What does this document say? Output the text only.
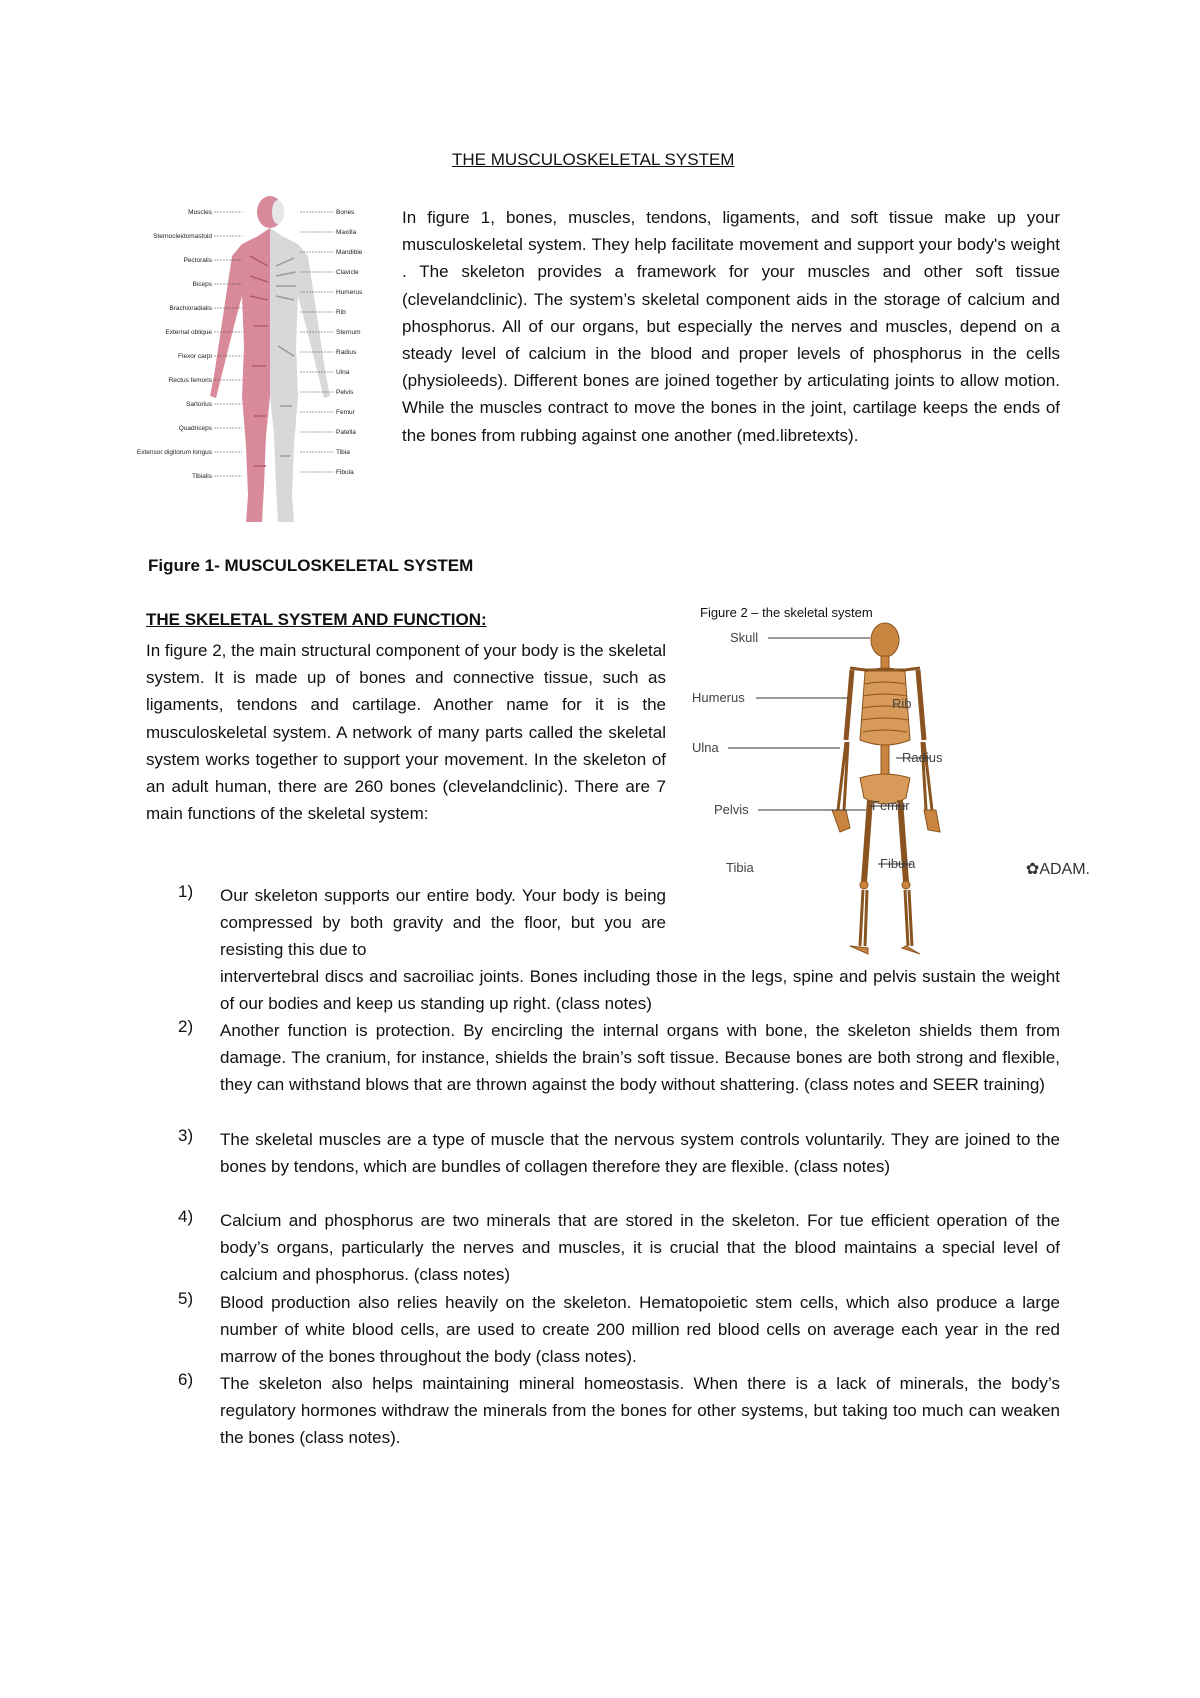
THE MUSCULOSKELETAL SYSTEM
Muscles
Sternocleidomastoid
Pectoralis
Biceps
Brachioradialis
External oblique
Flexor carpi
Rectus femoris
Sartorius
Quadriceps
Extensor digitorum longus
Tibialis
Bones
Maxilla
Mandible
Clavicle
Humerus
Rib
Sternum
Radius
Ulna
Pelvis
Femur
Patella
Tibia
Fibula

In figure 1, bones, muscles, tendons, ligaments, and soft tissue make up your musculoskeletal system. They help facilitate movement and support your body's weight . The skeleton provides a framework for your muscles and other soft tissue (clevelandclinic). The system’s skeletal component aids in the storage of calcium and phosphorus. All of our organs, but especially the nerves and muscles, depend on a steady level of calcium in the blood and proper levels of phosphorus in the cells (physioleeds). Different bones are joined together by articulating joints to allow motion. While the muscles contract to move the bones in the joint, cartilage keeps the ends of the bones from rubbing against one another (med.libretexts).

Figure 1- MUSCULOSKELETAL SYSTEM
THE SKELETAL SYSTEM AND FUNCTION:

In figure 2, the main structural component of your body is the skeletal system. It is made up of bones and connective tissue, such as ligaments, tendons and cartilage. Another name for it is the musculoskeletal system. A network of many parts called the skeletal system works together to support your movement. In the skeleton of an adult human, there are 260 bones (clevelandclinic). There are 7 main functions of the skeletal system:

Figure 2 – the skeletal system
Skull
Humerus
Ulna
Pelvis
Tibia
Rib
Radius
Femur
Fibula	✿ADAM.
1) Our skeleton supports our entire body. Your body is being compressed by both gravity and the floor, but you are resisting this due to
intervertebral discs and sacroiliac joints. Bones including those in the legs, spine and pelvis sustain the weight of our bodies and keep us standing up right. (class notes)
2) Another function is protection. By encircling the internal organs with bone, the skeleton shields them from damage. The cranium, for instance, shields the brain’s soft tissue. Because bones are both strong and flexible, they can withstand blows that are thrown against the body without shattering. (class notes and SEER training)
3) The skeletal muscles are a type of muscle that the nervous system controls voluntarily. They are joined to the bones by tendons, which are bundles of collagen therefore they are flexible. (class notes)
4) Calcium and phosphorus are two minerals that are stored in the skeleton. For tue efficient operation of the body’s organs, particularly the nerves and muscles, it is crucial that the blood maintains a special level of calcium and phosphorus. (class notes)
5) Blood production also relies heavily on the skeleton. Hematopoietic stem cells, which also produce a large number of white blood cells, are used to create 200 million red blood cells on average each year in the red marrow of the bones throughout the body (class notes).
6) The skeleton also helps maintaining mineral homeostasis. When there is a lack of minerals, the body’s regulatory hormones withdraw the minerals from the bones for other systems, but taking too much can weaken the bones (class notes).
